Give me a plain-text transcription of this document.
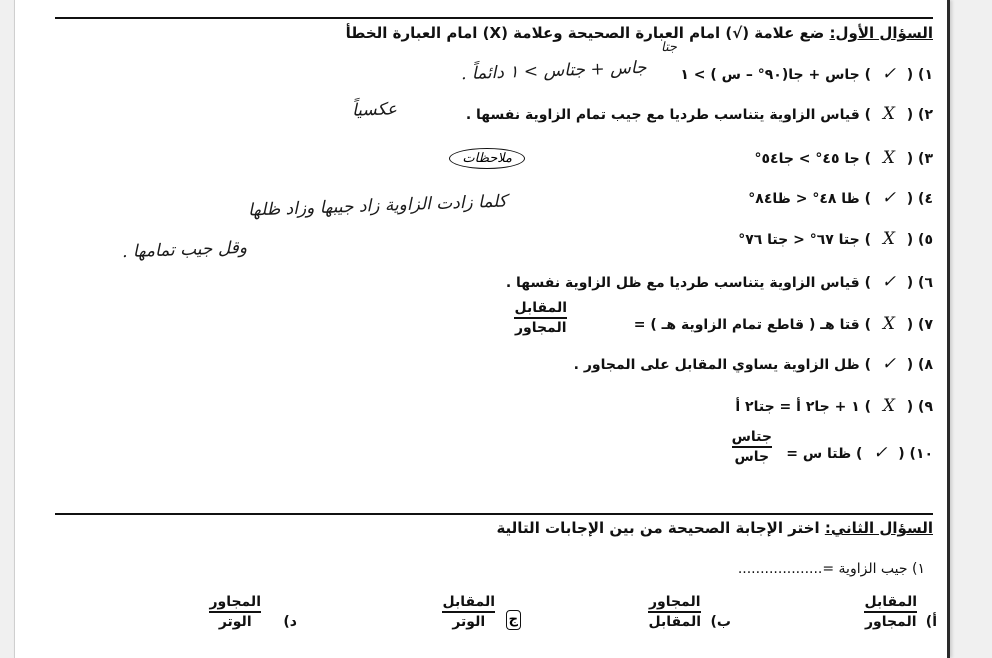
السؤال الأول: ضع علامة (√) امام العبارة الصحيحة وعلامة (X) امام العبارة الخطأ
١) ( ✓ ) جاس + جا(٩٠° – س ) > ١
جاس + جتاس > ١ دائماً .
جتا
٢) ( X ) قياس الزاوية يتناسب طرديا مع جيب تمام الزاوية نفسها .
عكسياً
ملاحظات	٣) ( X ) جا ٤٥° > جا٥٤°
٤) ( ✓ ) ظا ٤٨° < ظا٨٤°
كلما زادت الزاوية زاد جيبها وزاد ظلها
٥) ( X ) جتا ٦٧° < جتا ٧٦°
وقل جيب تمامها .
٦) ( ✓ ) قياس الزاوية يتناسب طرديا مع ظل الزاوية نفسها .
٧) ( X ) قتا هـ ( قاطع تمام الزاوية هـ ) =
المقابل
المجاور
٨) ( ✓ ) ظل الزاوية يساوي المقابل على المجاور .
٩) ( X ) ١ + جا٢ أ = جتا٢ أ
١٠) ( ✓ ) ظتا س =
جتاس
جاس
السؤال الثاني: اختر الإجابة الصحيحة من بين الإجابات التالية
١) جيب الزاوية =...................
أ)
المقابل
المجاور
ب)
المجاور
المقابل
ج
المقابل
الوتر
د)
المجاور
الوتر
